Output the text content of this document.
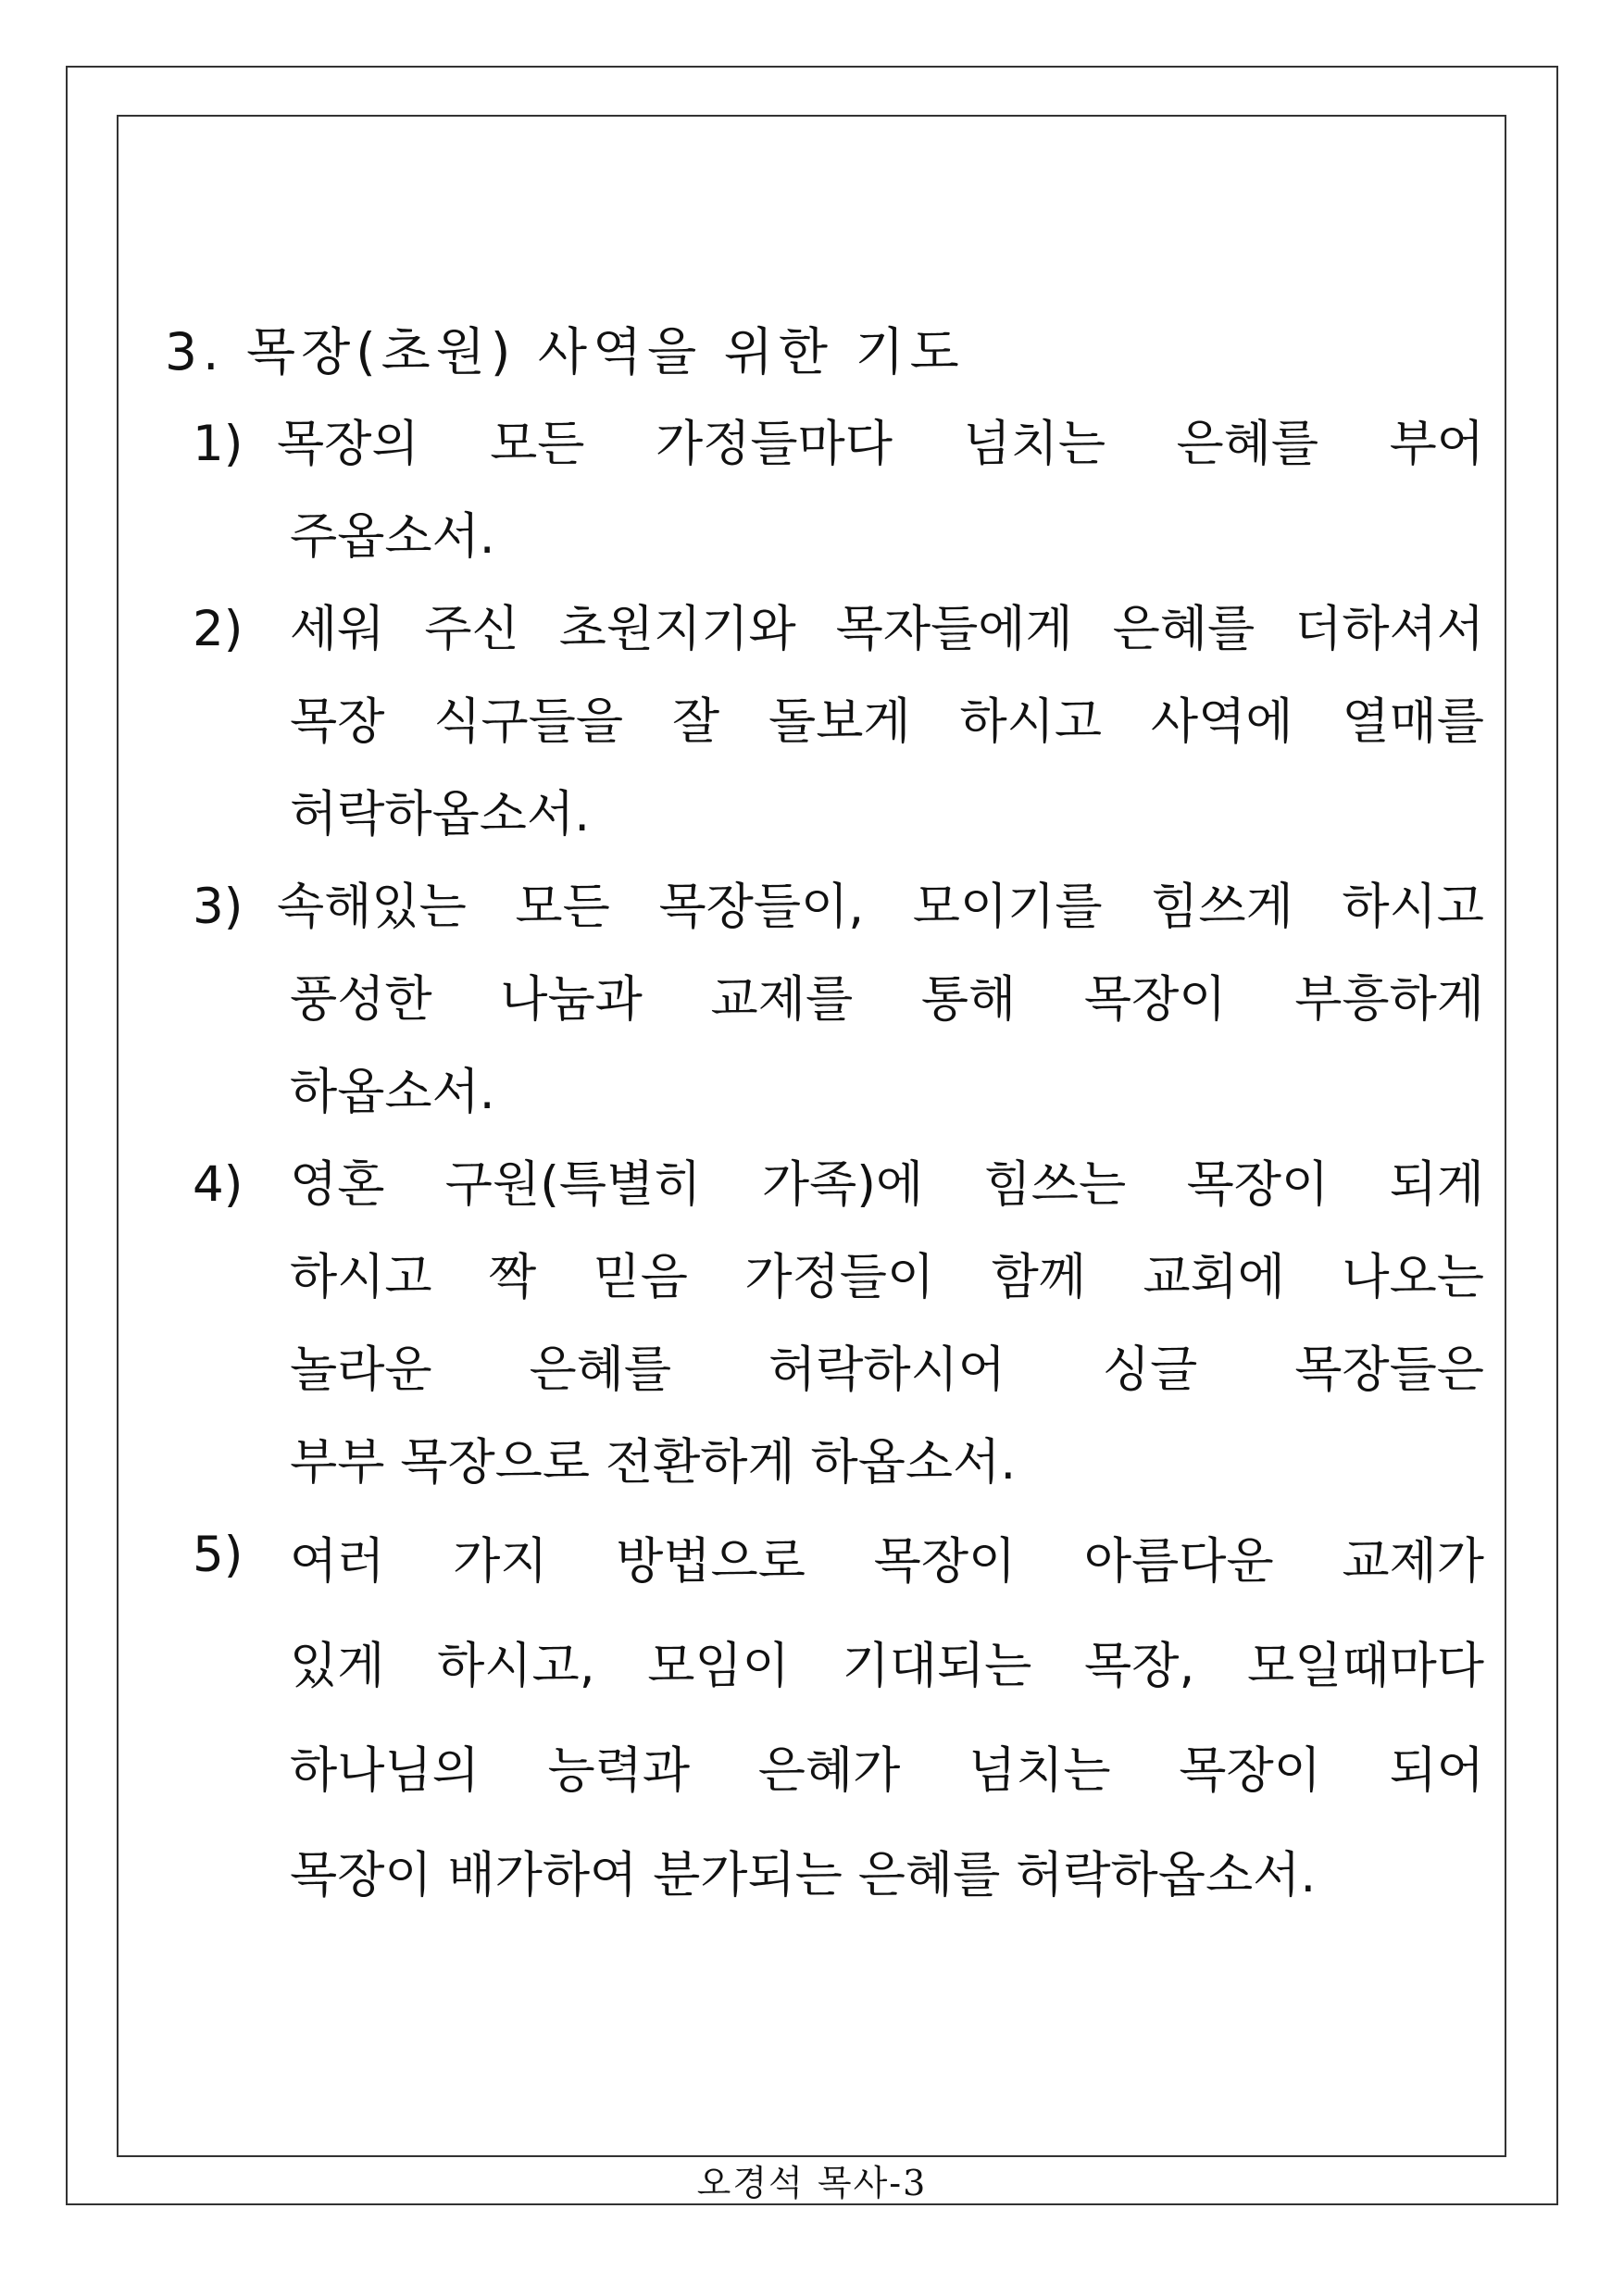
3. 목장(초원) 사역을 위한 기도
1) 목장의 모든 가정들마다 넘치는 은혜를 부어
주옵소서.
2) 세워 주신 초원지기와 목자들에게 은혜를 더하셔서
목장 식구들을 잘 돌보게 하시고 사역에 열매를
허락하옵소서.
3) 속해있는 모든 목장들이, 모이기를 힘쓰게 하시고
풍성한 나눔과 교제를 통해 목장이 부흥하게
하옵소서.
4) 영혼 구원(특별히 가족)에 힘쓰는 목장이 되게
하시고 짝 믿음 가정들이 함께 교회에 나오는
놀라운 은혜를 허락하시어 싱글 목장들은
부부 목장으로 전환하게 하옵소서.
5) 여러 가지 방법으로 목장이 아름다운 교제가
있게 하시고, 모임이 기대되는 목장, 모일때마다
하나님의 능력과 은혜가 넘치는 목장이 되어
목장이 배가하여 분가되는 은혜를 허락하옵소서.
오경석 목사-3
